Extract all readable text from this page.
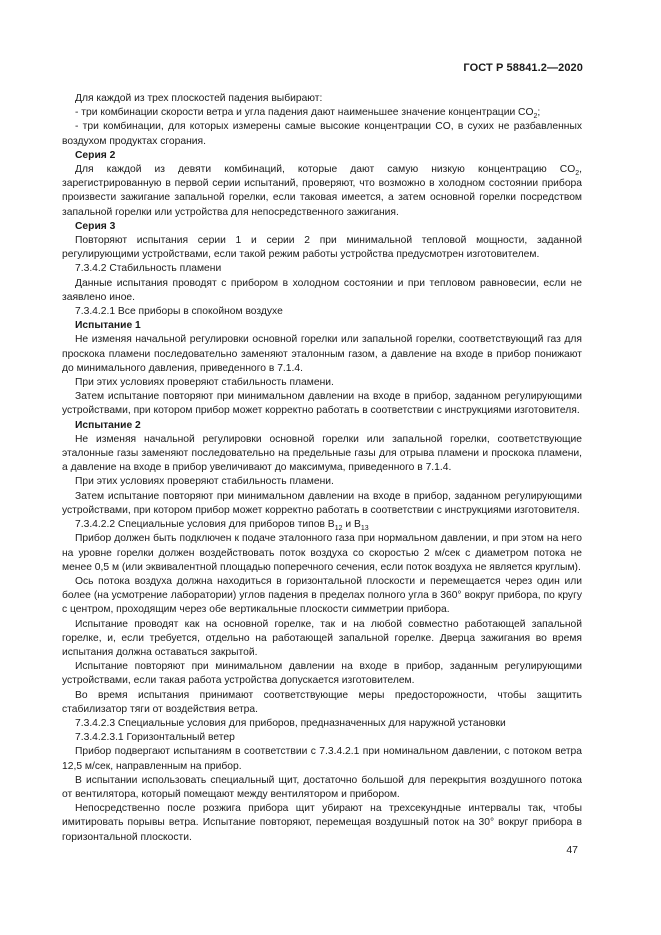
ГОСТ Р 58841.2—2020

Для каждой из трех плоскостей падения выбирают:

- три комбинации скорости ветра и угла падения дают наименьшее значение концентрации $CO_2$;

- три комбинации, для которых измерены самые высокие концентрации CO, в сухих не разбавленных воздухом продуктах сгорания.

Серия 2

Для каждой из девяти комбинаций, которые дают самую низкую концентрацию $CO_2$, зарегистрированную в первой серии испытаний, проверяют, что возможно в холодном состоянии прибора произвести зажигание запальной горелки, если таковая имеется, а затем основной горелки посредством запальной горелки или устройства для непосредственного зажигания.

Серия 3

Повторяют испытания серии 1 и серии 2 при минимальной тепловой мощности, заданной регулирующими устройствами, если такой режим работы устройства предусмотрен изготовителем.

7.3.4.2 Стабильность пламени

Данные испытания проводят с прибором в холодном состоянии и при тепловом равновесии, если не заявлено иное.

7.3.4.2.1 Все приборы в спокойном воздухе

Испытание 1

Не изменяя начальной регулировки основной горелки или запальной горелки, соответствующий газ для проскока пламени последовательно заменяют эталонным газом, а давление на входе в прибор понижают до минимального давления, приведенного в 7.1.4.

При этих условиях проверяют стабильность пламени.

Затем испытание повторяют при минимальном давлении на входе в прибор, заданном регулирующими устройствами, при котором прибор может корректно работать в соответствии с инструкциями изготовителя.

Испытание 2

Не изменяя начальной регулировки основной горелки или запальной горелки, соответствующие эталонные газы заменяют последовательно на предельные газы для отрыва пламени и проскока пламени, а давление на входе в прибор увеличивают до максимума, приведенного в 7.1.4.

При этих условиях проверяют стабильность пламени.

Затем испытание повторяют при минимальном давлении на входе в прибор, заданном регулирующими устройствами, при котором прибор может корректно работать в соответствии с инструкциями изготовителя.

7.3.4.2.2 Специальные условия для приборов типов $B_{12}$ и $B_{13}$

Прибор должен быть подключен к подаче эталонного газа при нормальном давлении, и при этом на него на уровне горелки должен воздействовать поток воздуха со скоростью 2 м/сек с диаметром потока не менее 0,5 м (или эквивалентной площадью поперечного сечения, если поток воздуха не является круглым).

Ось потока воздуха должна находиться в горизонтальной плоскости и перемещается через один или более (на усмотрение лаборатории) углов падения в пределах полного угла в 360° вокруг прибора, по кругу с центром, проходящим через обе вертикальные плоскости симметрии прибора.

Испытание проводят как на основной горелке, так и на любой совместно работающей запальной горелке, и, если требуется, отдельно на работающей запальной горелке. Дверца зажигания во время испытания должна оставаться закрытой.

Испытание повторяют при минимальном давлении на входе в прибор, заданным регулирующими устройствами, если такая работа устройства допускается изготовителем.

Во время испытания принимают соответствующие меры предосторожности, чтобы защитить стабилизатор тяги от воздействия ветра.

7.3.4.2.3 Специальные условия для приборов, предназначенных для наружной установки

7.3.4.2.3.1 Горизонтальный ветер

Прибор подвергают испытаниям в соответствии с 7.3.4.2.1 при номинальном давлении, с потоком ветра 12,5 м/сек, направленным на прибор.

В испытании использовать специальный щит, достаточно большой для перекрытия воздушного потока от вентилятора, который помещают между вентилятором и прибором.

Непосредственно после розжига прибора щит убирают на трехсекундные интервалы так, чтобы имитировать порывы ветра. Испытание повторяют, перемещая воздушный поток на 30° вокруг прибора в горизонтальной плоскости.

47
